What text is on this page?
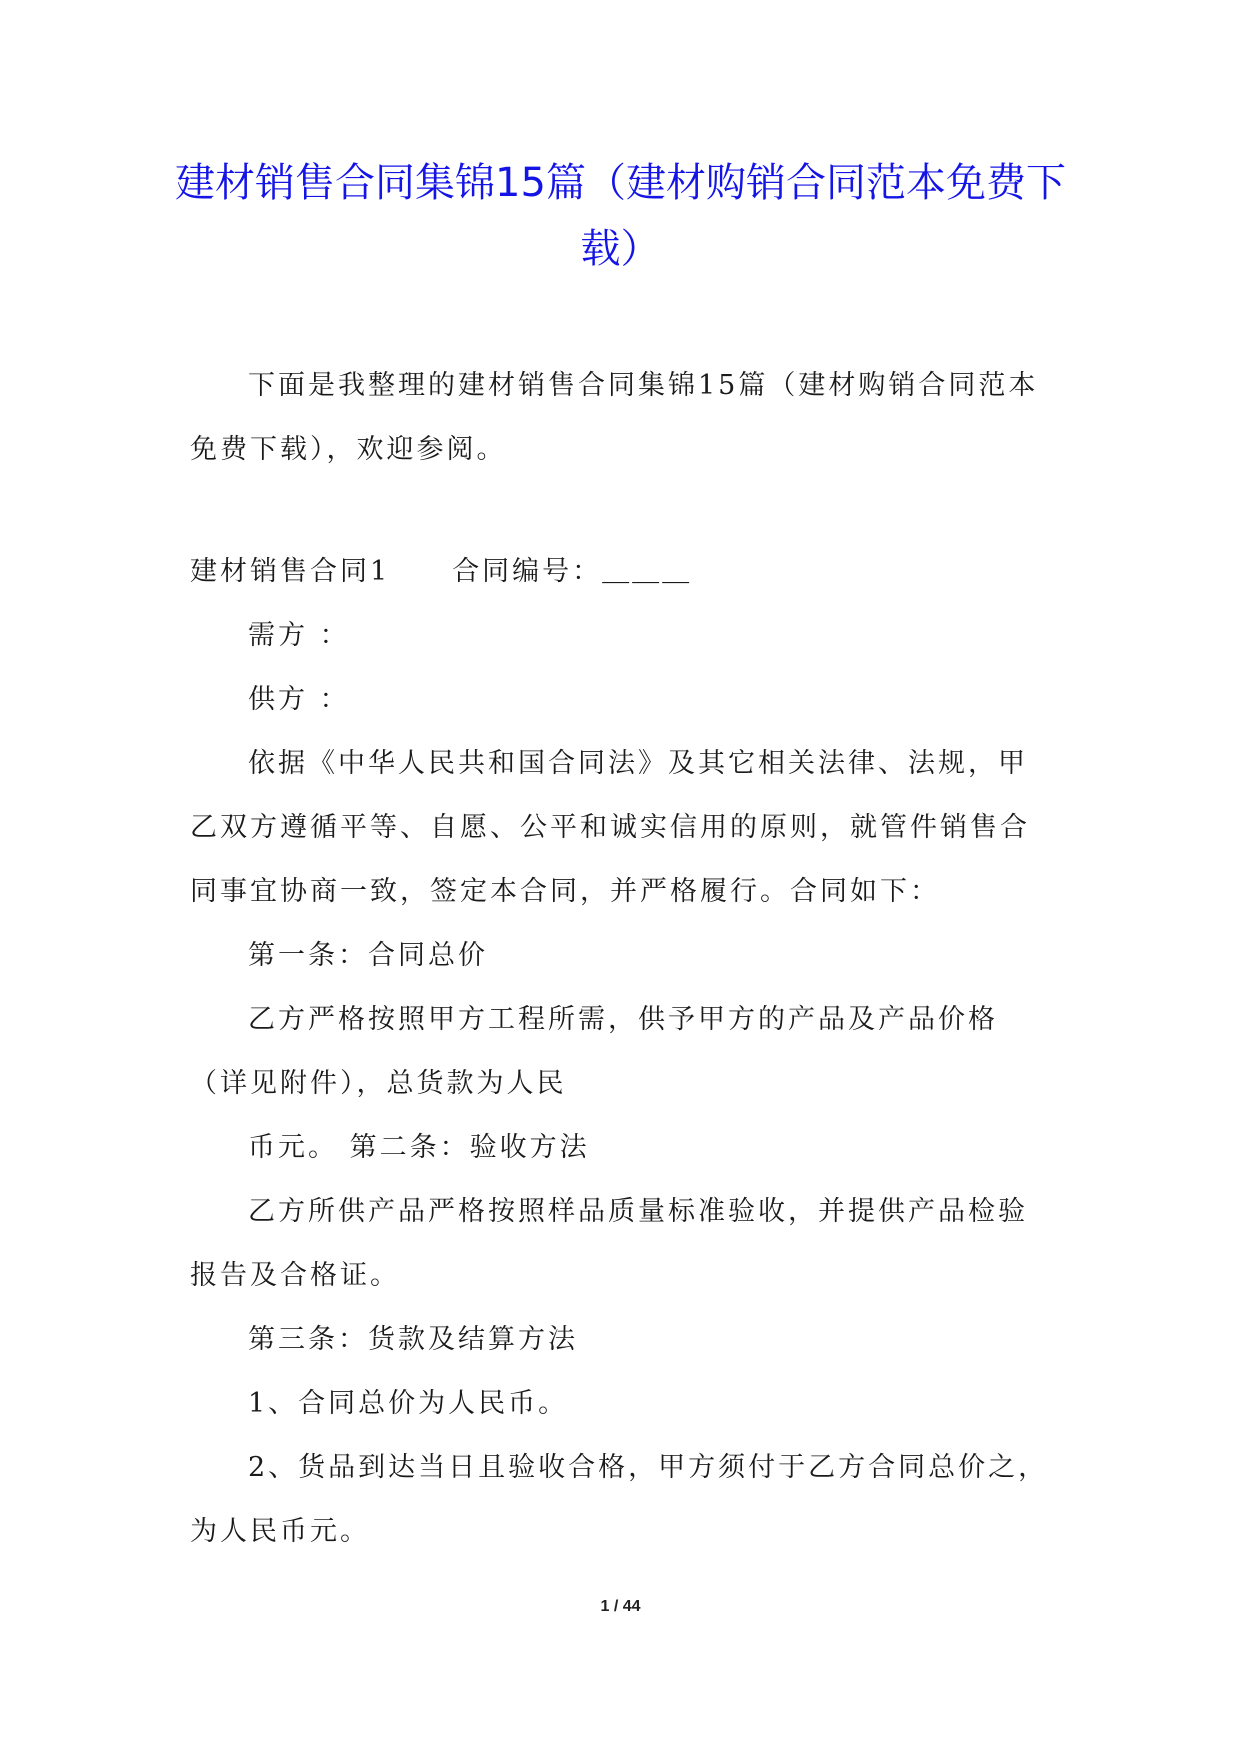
建材销售合同集锦15篇（建材购销合同范本免费下载）

下面是我整理的建材销售合同集锦15篇（建材购销合同范本免费下载），欢迎参阅。

建材销售合同1 合同编号：＿＿＿

需方 ：

供方 ：

依据《中华人民共和国合同法》及其它相关法律、法规，甲乙双方遵循平等、自愿、公平和诚实信用的原则，就管件销售合同事宜协商一致，签定本合同，并严格履行。合同如下：

第一条：合同总价

乙方严格按照甲方工程所需，供予甲方的产品及产品价格（详见附件），总货款为人民

币元。 第二条：验收方法

乙方所供产品严格按照样品质量标准验收，并提供产品检验报告及合格证。

第三条：货款及结算方法

1、合同总价为人民币。

2、货品到达当日且验收合格，甲方须付于乙方合同总价之，为人民币元。

1 / 44
